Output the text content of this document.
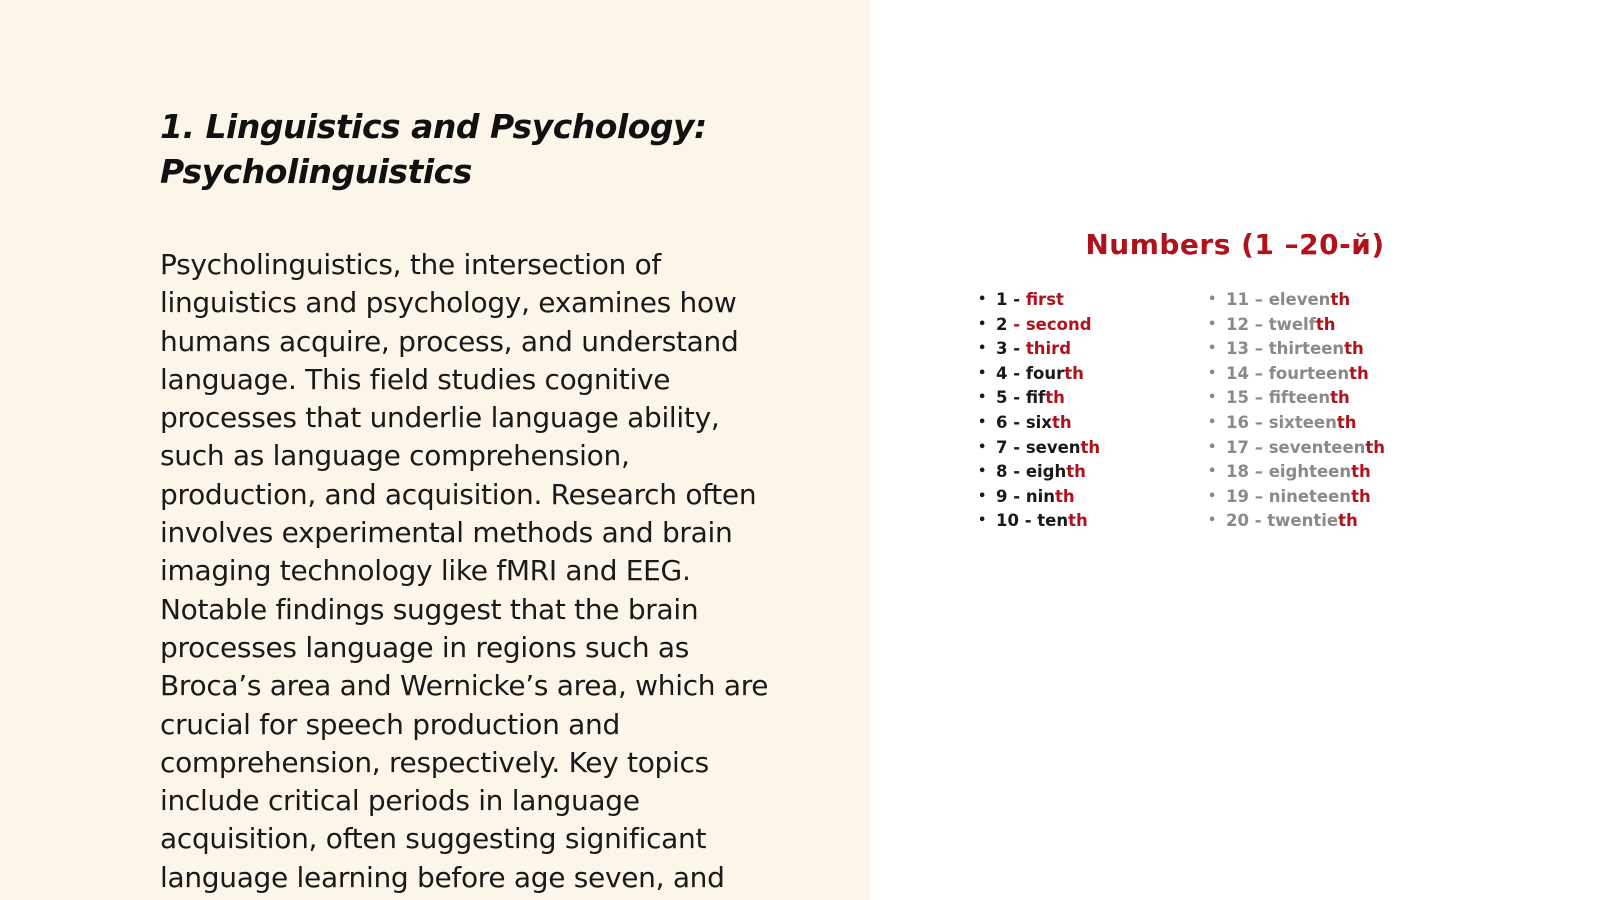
1. Linguistics and Psychology:
Psycholinguistics

Psycholinguistics, the intersection of
linguistics and psychology, examines how
humans acquire, process, and understand
language. This field studies cognitive
processes that underlie language ability,
such as language comprehension,
production, and acquisition. Research often
involves experimental methods and brain
imaging technology like fMRI and EEG.
Notable findings suggest that the brain
processes language in regions such as
Broca’s area and Wernicke’s area, which are
crucial for speech production and
comprehension, respectively. Key topics
include critical periods in language
acquisition, often suggesting significant
language learning before age seven, and

Numbers (1 –20-й)
• 1 - first
• 2 - second
• 3 - third
• 4 - fourth
• 5 - fifth
• 6 - sixth
• 7 - seventh
• 8 - eighth
• 9 - ninth
• 10 - tenth
• 11 – eleventh
• 12 – twelfth
• 13 – thirteenth
• 14 – fourteenth
• 15 – fifteenth
• 16 – sixteenth
• 17 – seventeenth
• 18 – eighteenth
• 19 – nineteenth
• 20 - twentieth
